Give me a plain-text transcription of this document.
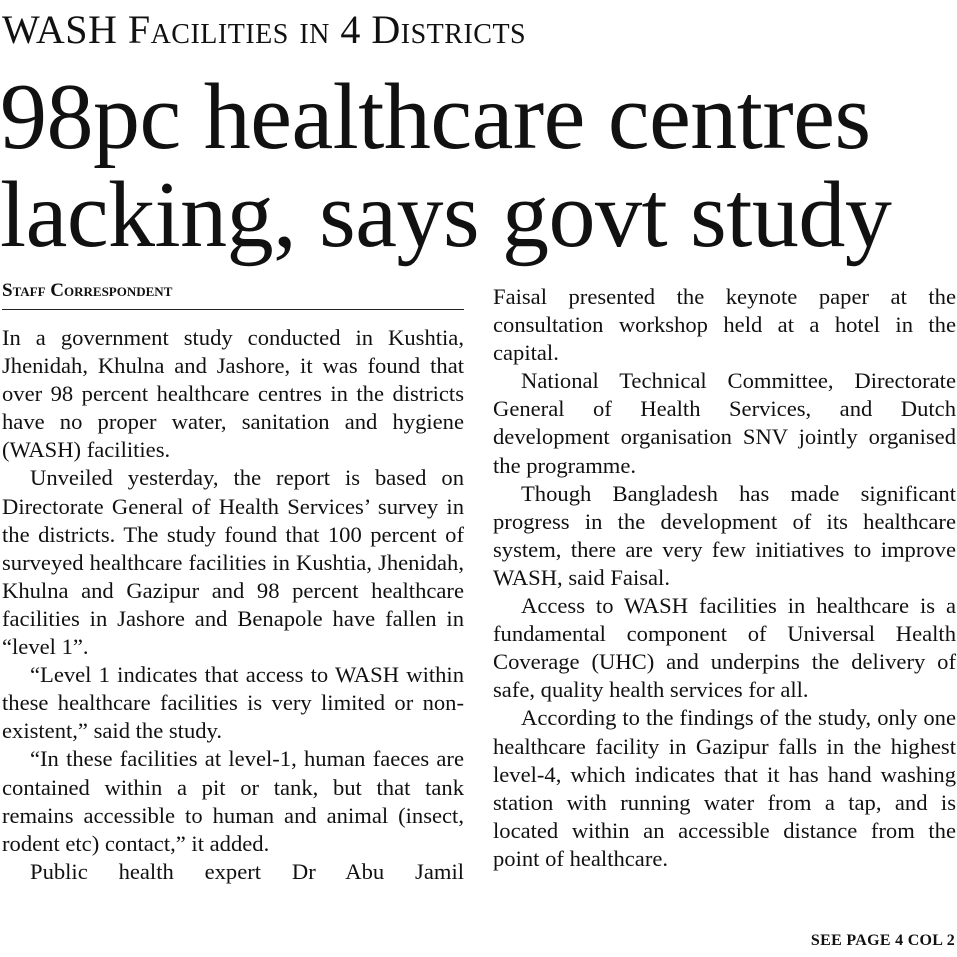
WASH Facilities in 4 Districts
98pc healthcare centres
lacking, says govt study
Staff Correspondent

In a government study conducted in Kushtia, Jhenidah, Khulna and Jashore, it was found that over 98 percent healthcare centres in the districts have no proper water, sanitation and hygiene (WASH) facilities.

Unveiled yesterday, the report is based on Directorate General of Health Services’ survey in the districts. The study found that 100 percent of surveyed healthcare facilities in Kushtia, Jhenidah, Khulna and Gazipur and 98 percent healthcare facilities in Jashore and Benapole have fallen in “level 1”.

“Level 1 indicates that access to WASH within these healthcare facilities is very limited or non-existent,” said the study.

“In these facilities at level-1, human faeces are contained within a pit or tank, but that tank remains accessible to human and animal (insect, rodent etc) contact,” it added.

Public health expert Dr Abu Jamil

Faisal presented the keynote paper at the consultation workshop held at a hotel in the capital.

National Technical Committee, Directorate General of Health Services, and Dutch development organisation SNV jointly organised the programme.

Though Bangladesh has made significant progress in the development of its healthcare system, there are very few initiatives to improve WASH, said Faisal.

Access to WASH facilities in healthcare is a fundamental component of Universal Health Coverage (UHC) and underpins the delivery of safe, quality health services for all.

According to the findings of the study, only one healthcare facility in Gazipur falls in the highest level-4, which indicates that it has hand washing station with running water from a tap, and is located within an accessible distance from the point of healthcare.

SEE PAGE 4 COL 2
